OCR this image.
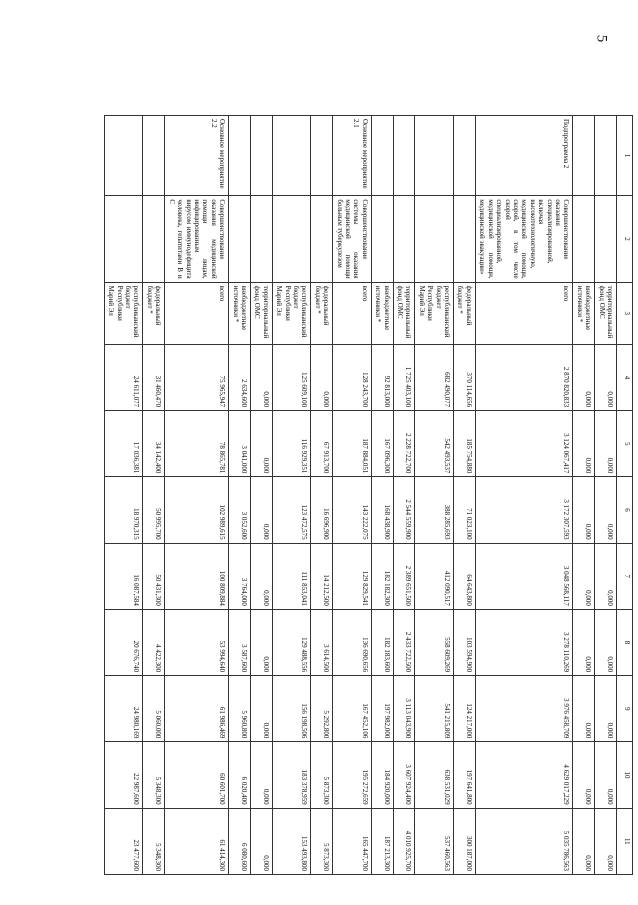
5
1	2	3	4	5	6	7	8	9	10	11
		территориальный фонд ОМС	0,000	0,000	0,000	0,000	0,000	0,000	0,000	0,000
		внебюджетные источники *	0,000	0,000	0,000	0,000	0,000	0,000	0,000	0,000
Подпрограмма 2	Совершенствование оказания специализированной, включая высокотехнологичную, медицинской помощи, скорой, в том числе скорой специализированной, медицинской помощи, медицинской эвакуации»	всего	2 870 820,833	3 124 067,417	3 172 307,593	3 048 568,117	3 278 110,269	3 976 458,709	4 629 017,229	5 035 786,563
		федеральный бюджет *	370 114,656	185 754,880	71 023,100	64 643,800	103 594,900	124 217,000	197 641,800	300 187,000
		республиканский бюджет Республики Марий Эл	682 490,077	542 493,537	388 285,693	412 090,517	558 609,269	541 215,809	638 531,029	537 460,563
		территориальный фонд ОМС	1 725 403,100	2 228 722,700	2 544 559,900	2 389 651,500	2 433 722,500	3 113 043,900	3 607 924,400	4 010 925,700
		внебюджетные источники *	92 813,000	167 096,300	168 438,900	182 182,300	182 183,600	197 982,000	184 920,000	187 213,300
Основное мероприятие 2.1	Совершенствование системы оказания медицинской помощи больным туберкулезом	всего	128 243,700	187 884,051	143 222,075	129 829,541	136 690,656	167 452,106	195 272,659	165 447,700
		федеральный бюджет *	0,000	67 913,700	16 696,900	14 212,500	3 614,500	5 292,800	5 873,300	5 873,300
		республиканский бюджет Республики Марий Эл	125 609,100	116 929,351	123 472,575	111 853,041	129 488,556	156 198,506	183 378,959	153 493,800
		территориальный фонд ОМС	0,000	0,000	0,000	0,000	0,000	0,000	0,000	0,000
		внебюджетные источники *	2 634,600	3 041,000	3 052,600	3 764,000	3 587,600	5 960,800	6 020,400	6 080,600
Основное мероприятие 2.2	Совершенствование оказания медицинской помощи лицам, инфицированным вирусом иммунодефицита человека, гепатитами B и C	всего	75 965,947	78 865,781	102 989,615	100 809,884	53 994,640	61 986,469	60 601,700	61 414,300
		федеральный бюджет *	31 460,470	34 142,400	50 995,700	50 431,300	4 422,300	5 060,000	5 348,300	5 348,300
		республиканский бюджет Республики Марий Эл	24 611,077	17 036,381	18 970,315	16 087,584	20 676,740	24 980,169	22 987,600	23 477,600
